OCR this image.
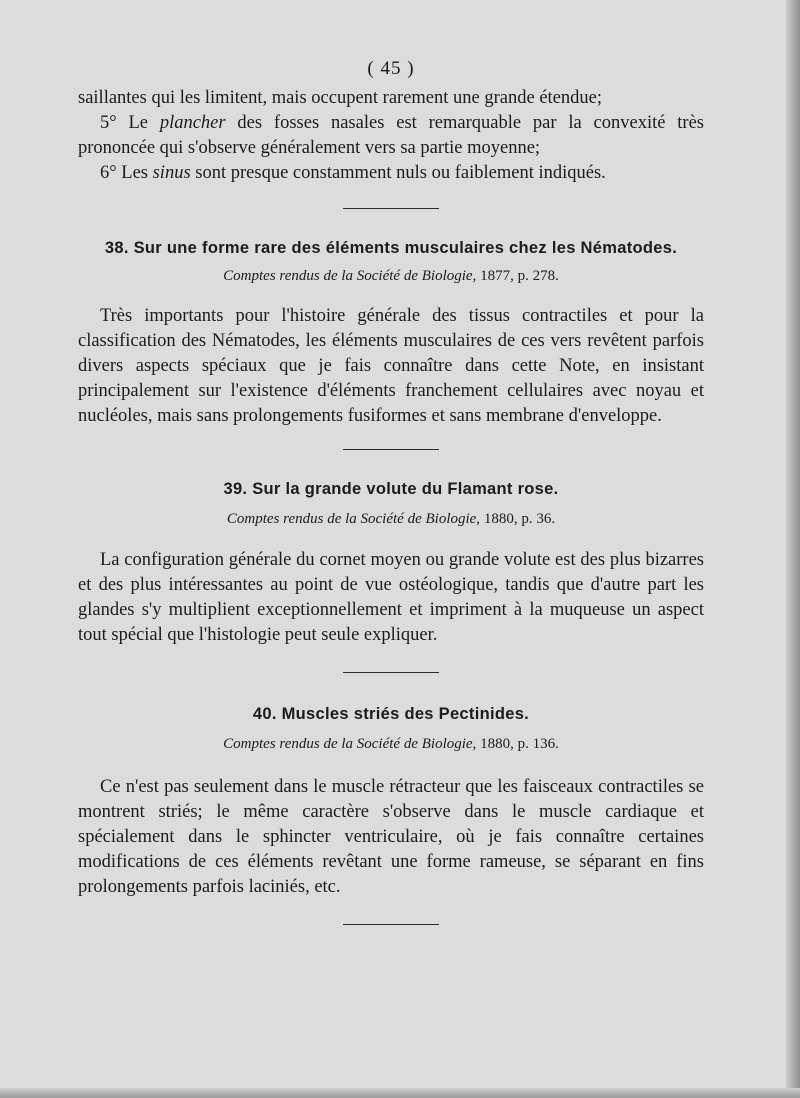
( 45 )

saillantes qui les limitent, mais occupent rarement une grande étendue;

5° Le plancher des fosses nasales est remarquable par la convexité très prononcée qui s'observe généralement vers sa partie moyenne;

6° Les sinus sont presque constamment nuls ou faiblement indiqués.

38. Sur une forme rare des éléments musculaires chez les Nématodes.
Comptes rendus de la Société de Biologie, 1877, p. 278.

Très importants pour l'histoire générale des tissus contractiles et pour la classification des Nématodes, les éléments musculaires de ces vers revêtent parfois divers aspects spéciaux que je fais connaître dans cette Note, en insistant principalement sur l'existence d'éléments franchement cellulaires avec noyau et nucléoles, mais sans prolongements fusiformes et sans membrane d'enveloppe.

39. Sur la grande volute du Flamant rose.
Comptes rendus de la Société de Biologie, 1880, p. 36.

La configuration générale du cornet moyen ou grande volute est des plus bizarres et des plus intéressantes au point de vue ostéologique, tandis que d'autre part les glandes s'y multiplient exceptionnellement et impriment à la muqueuse un aspect tout spécial que l'histologie peut seule expliquer.

40. Muscles striés des Pectinides.
Comptes rendus de la Société de Biologie, 1880, p. 136.

Ce n'est pas seulement dans le muscle rétracteur que les faisceaux contractiles se montrent striés; le même caractère s'observe dans le muscle cardiaque et spécialement dans le sphincter ventriculaire, où je fais connaître certaines modifications de ces éléments revêtant une forme rameuse, se séparant en fins prolongements parfois laciniés, etc.
